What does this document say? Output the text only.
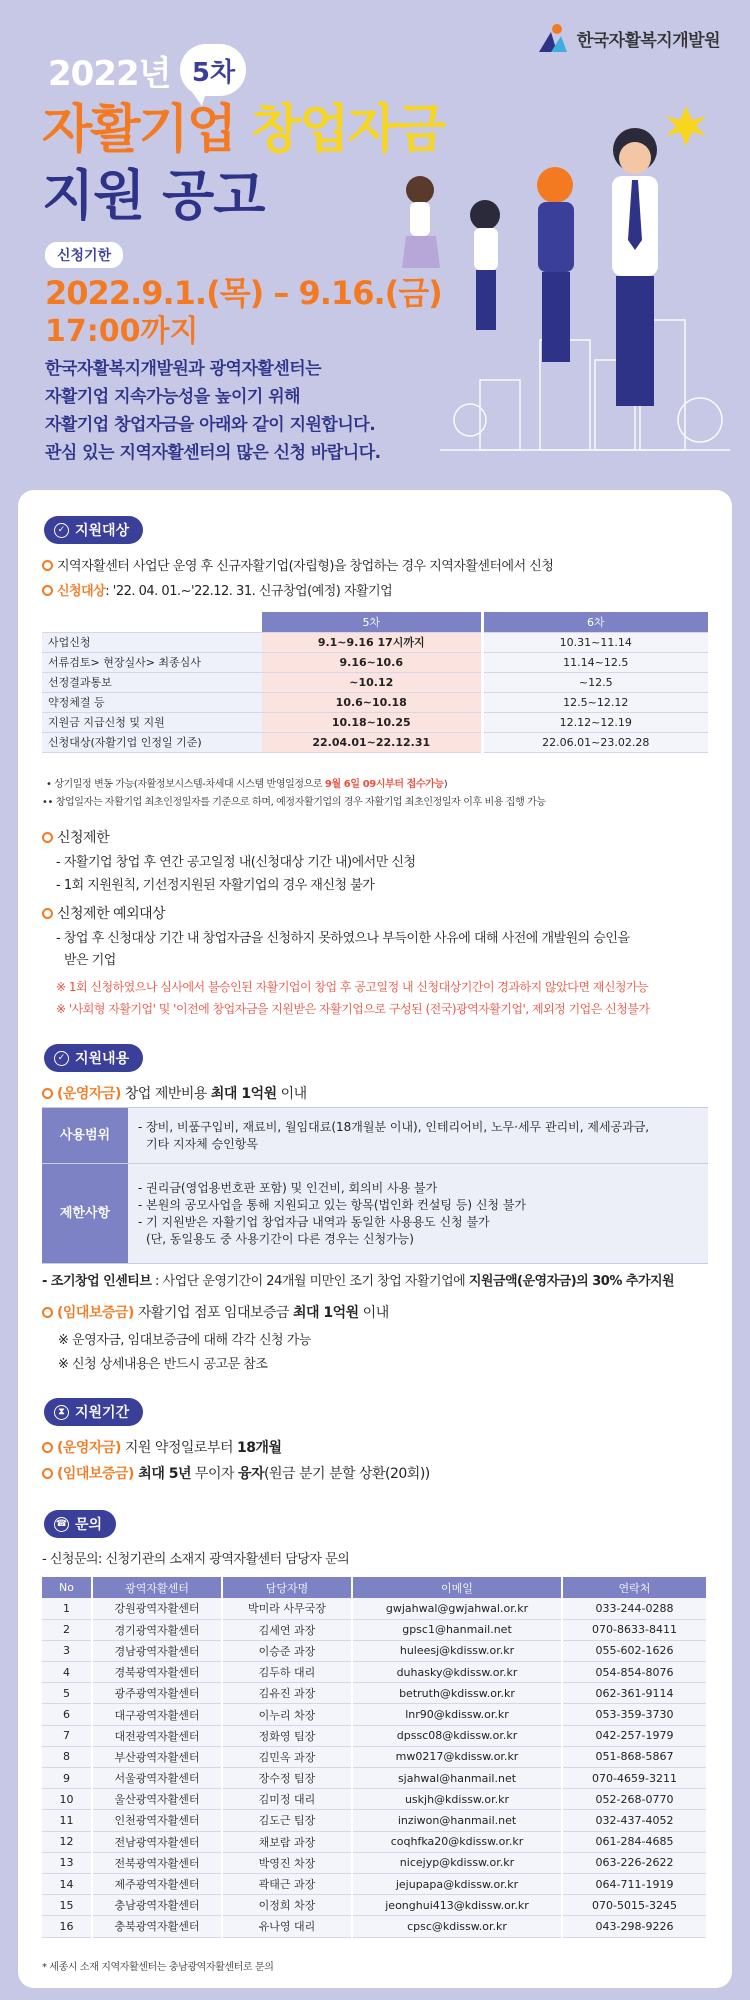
한국자활복지개발원
2022년 5차
자활기업 창업자금
지원 공고
신청기한
2022.9.1.(목) – 9.16.(금)
17:00까지
한국자활복지개발원과 광역자활센터는
자활기업 지속가능성을 높이기 위해
자활기업 창업자금을 아래와 같이 지원합니다.
관심 있는 지역자활센터의 많은 신청 바랍니다.
✓ 지원대상
지역자활센터 사업단 운영 후 신규자활기업(자립형)을 창업하는 경우 지역자활센터에서 신청
신청대상: '22. 04. 01.~'22.12. 31. 신규창업(예정) 자활기업
	5차	6차
사업신청	9.1~9.16 17시까지	10.31~11.14
서류검토> 현장실사> 최종심사	9.16~10.6	11.14~12.5
선정결과통보	~10.12	~12.5
약정체결 등	10.6~10.18	12.5~12.12
지원금 지급신청 및 지원	10.18~10.25	12.12~12.19
신청대상(자활기업 인정일 기준)	22.04.01~22.12.31	22.06.01~23.02.28
• 상기일정 변동 가능(자활정보시스템-차세대 시스템 반영일정으로 9월 6일 09시부터 접수가능)
•• 창업일자는 자활기업 최초인정일자를 기준으로 하며, 예정자활기업의 경우 자활기업 최초인정일자 이후 비용 집행 가능
신청제한
- 자활기업 창업 후 연간 공고일정 내(신청대상 기간 내)에서만 신청
- 1회 지원원칙, 기선정지원된 자활기업의 경우 재신청 불가
신청제한 예외대상
- 창업 후 신청대상 기간 내 창업자금을 신청하지 못하였으나 부득이한 사유에 대해 사전에 개발원의 승인을
받은 기업
※ 1회 신청하였으나 심사에서 불승인된 자활기업이 창업 후 공고일정 내 신청대상기간이 경과하지 않았다면 재신청가능
※ '사회형 자활기업' 및 '이전에 창업자금을 지원받은 자활기업으로 구성된 (전국)광역자활기업', 제외정 기업은 신청불가
✓ 지원내용
(운영자금) 창업 제반비용 최대 1억원 이내
사용범위	- 장비, 비품구입비, 재료비, 월임대료(18개월분 이내), 인테리어비, 노무·세무 관리비, 제세공과금,
기타 지자체 승인항목

제한사항	- 권리금(영업용번호판 포함) 및 인건비, 회의비 사용 불가
- 본원의 공모사업을 통해 지원되고 있는 항목(법인화 컨설팅 등) 신청 불가
- 기 지원받은 자활기업 창업자금 내역과 동일한 사용용도 신청 불가
(단, 동일용도 중 사용기간이 다른 경우는 신청가능)
- 조기창업 인센티브 : 사업단 운영기간이 24개월 미만인 조기 창업 자활기업에 지원금액(운영자금)의 30% 추가지원
(임대보증금) 자활기업 점포 임대보증금 최대 1억원 이내
※ 운영자금, 임대보증금에 대해 각각 신청 가능
※ 신청 상세내용은 반드시 공고문 참조
⧗ 지원기간
(운영자금) 지원 약정일로부터 18개월
(임대보증금) 최대 5년 무이자 융자(원금 분기 분할 상환(20회))
☎ 문의
- 신청문의: 신청기관의 소재지 광역자활센터 담당자 문의
No	광역자활센터	담당자명	이메일	연락처
1	강원광역자활센터	박미라 사무국장	gwjahwal@gwjahwal.or.kr	033-244-0288
2	경기광역자활센터	김세연 과장	gpsc1@hanmail.net	070-8633-8411
3	경남광역자활센터	이승준 과장	huleesj@kdissw.or.kr	055-602-1626
4	경북광역자활센터	김두하 대리	duhasky@kdissw.or.kr	054-854-8076
5	광주광역자활센터	김유진 과장	betruth@kdissw.or.kr	062-361-9114
6	대구광역자활센터	이누리 차장	lnr90@kdissw.or.kr	053-359-3730
7	대전광역자활센터	정화영 팀장	dpssc08@kdissw.or.kr	042-257-1979
8	부산광역자활센터	김민옥 과장	mw0217@kdissw.or.kr	051-868-5867
9	서울광역자활센터	장수정 팀장	sjahwal@hanmail.net	070-4659-3211
10	울산광역자활센터	김미정 대리	uskjh@kdissw.or.kr	052-268-0770
11	인천광역자활센터	김도근 팀장	inziwon@hanmail.net	032-437-4052
12	전남광역자활센터	채보람 과장	coqhfka20@kdissw.or.kr	061-284-4685
13	전북광역자활센터	박영진 차장	nicejyp@kdissw.or.kr	063-226-2622
14	제주광역자활센터	곽태근 과장	jejupapa@kdissw.or.kr	064-711-1919
15	충남광역자활센터	이정희 차장	jeonghui413@kdissw.or.kr	070-5015-3245
16	충북광역자활센터	유나영 대리	cpsc@kdissw.or.kr	043-298-9226
* 세종시 소재 지역자활센터는 충남광역자활센터로 문의
